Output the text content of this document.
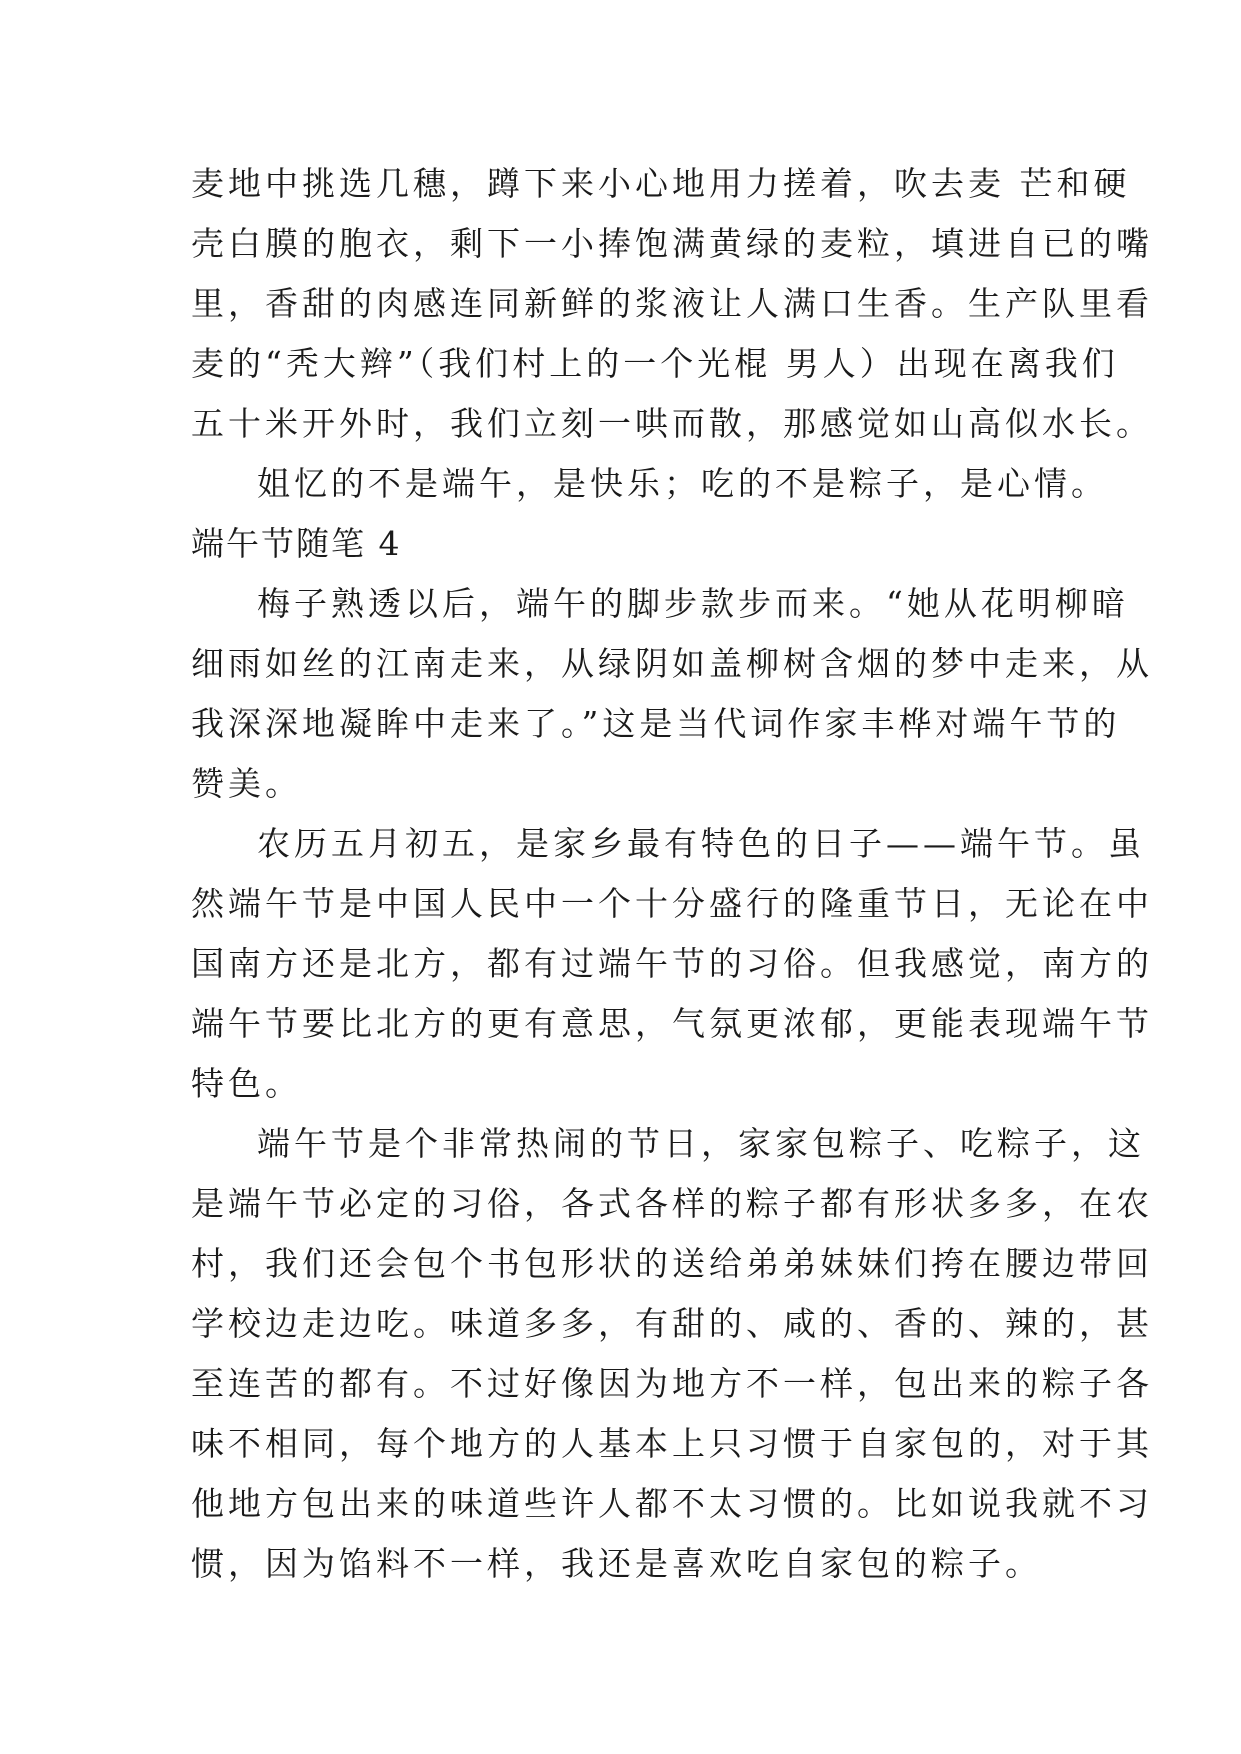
麦地中挑选几穗，蹲下来小心地用力搓着，吹去麦 芒和硬
壳白膜的胞衣，剩下一小捧饱满黄绿的麦粒，填进自已的嘴
里，香甜的肉感连同新鲜的浆液让人满口生香。生产队里看
麦的“秃大辫”（我们村上的一个光棍 男人）出现在离我们
五十米开外时，我们立刻一哄而散，那感觉如山高似水长。
姐忆的不是端午，是快乐；吃的不是粽子，是心情。
端午节随笔 4
梅子熟透以后，端午的脚步款步而来。“她从花明柳暗
细雨如丝的江南走来，从绿阴如盖柳树含烟的梦中走来，从
我深深地凝眸中走来了。”这是当代词作家丰桦对端午节的
赞美。
农历五月初五，是家乡最有特色的日子——端午节。虽
然端午节是中国人民中一个十分盛行的隆重节日，无论在中
国南方还是北方，都有过端午节的习俗。但我感觉，南方的
端午节要比北方的更有意思，气氛更浓郁，更能表现端午节
特色。
端午节是个非常热闹的节日，家家包粽子、吃粽子，这
是端午节必定的习俗，各式各样的粽子都有形状多多，在农
村，我们还会包个书包形状的送给弟弟妹妹们挎在腰边带回
学校边走边吃。味道多多，有甜的、咸的、香的、辣的，甚
至连苦的都有。不过好像因为地方不一样，包出来的粽子各
味不相同，每个地方的人基本上只习惯于自家包的，对于其
他地方包出来的味道些许人都不太习惯的。比如说我就不习
惯，因为馅料不一样，我还是喜欢吃自家包的粽子。
